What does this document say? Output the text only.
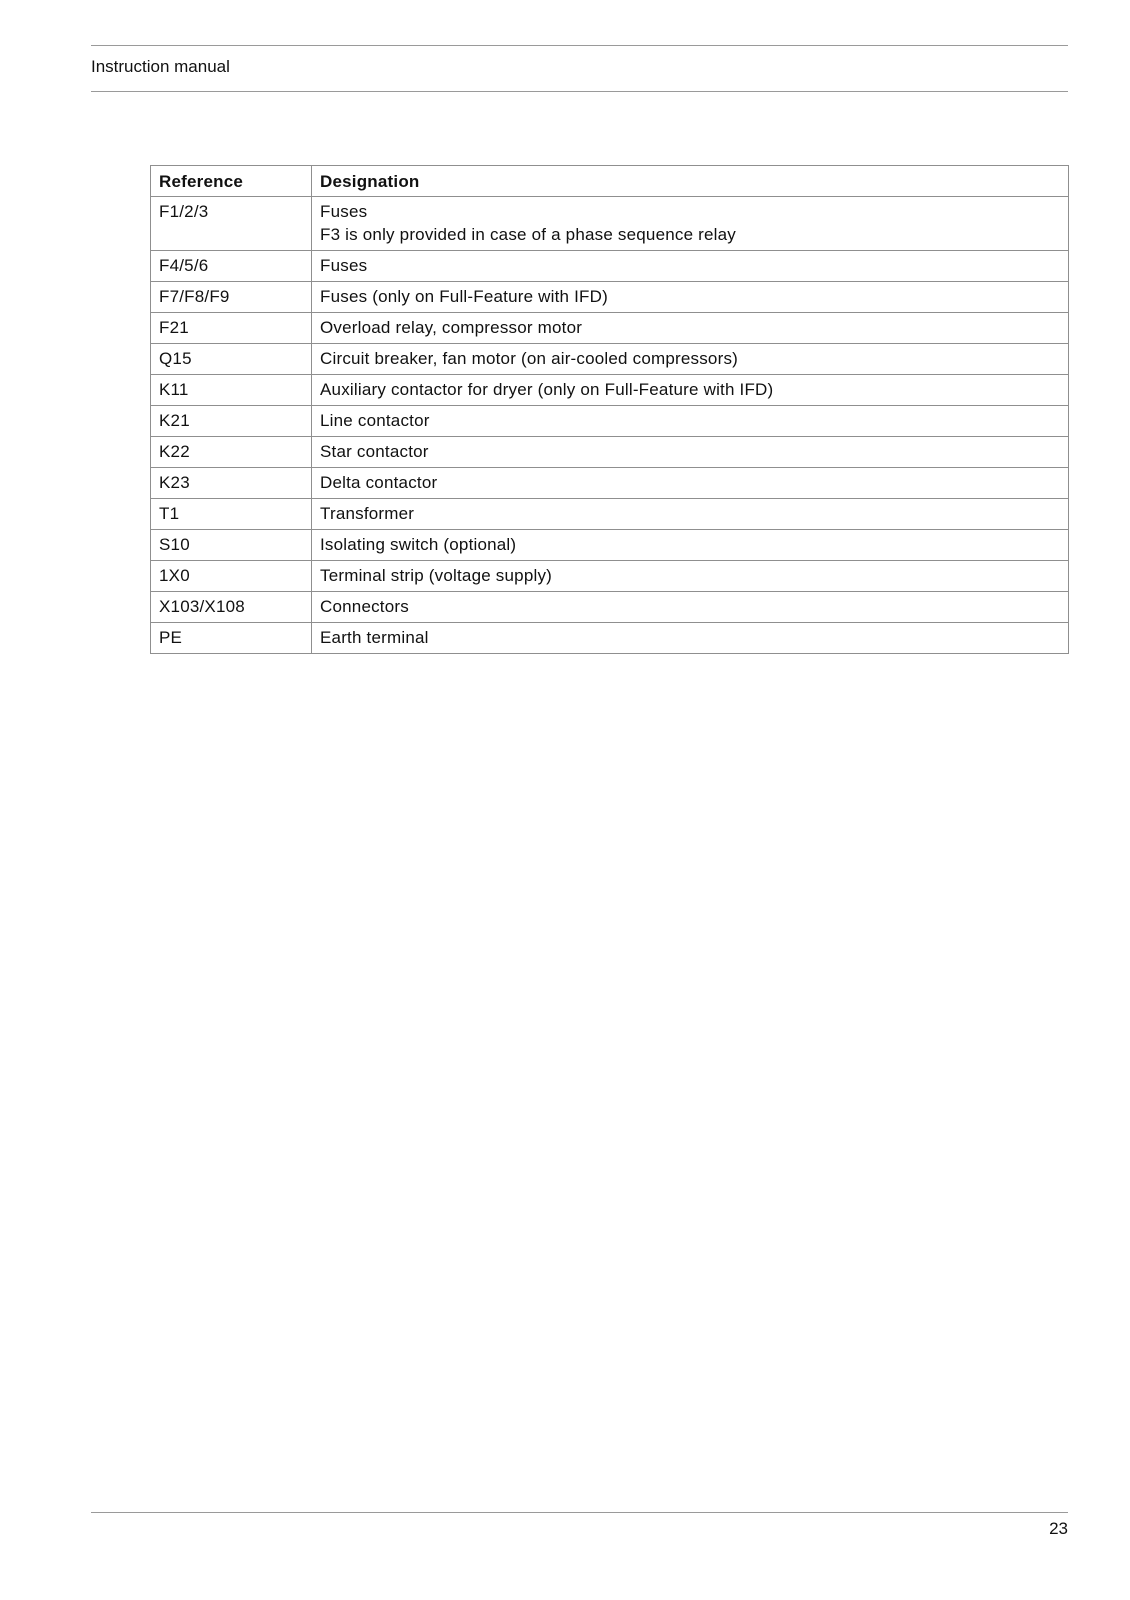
Instruction manual
Reference	Designation
F1/2/3	Fuses
F3 is only provided in case of a phase sequence relay

F4/5/6	Fuses

F7/F8/F9	Fuses (only on Full-Feature with IFD)

F21	Overload relay, compressor motor

Q15	Circuit breaker, fan motor (on air-cooled compressors)

K11	Auxiliary contactor for dryer (only on Full-Feature with IFD)

K21	Line contactor

K22	Star contactor

K23	Delta contactor

T1	Transformer

S10	Isolating switch (optional)

1X0	Terminal strip (voltage supply)

X103/X108	Connectors

PE	Earth terminal
23
